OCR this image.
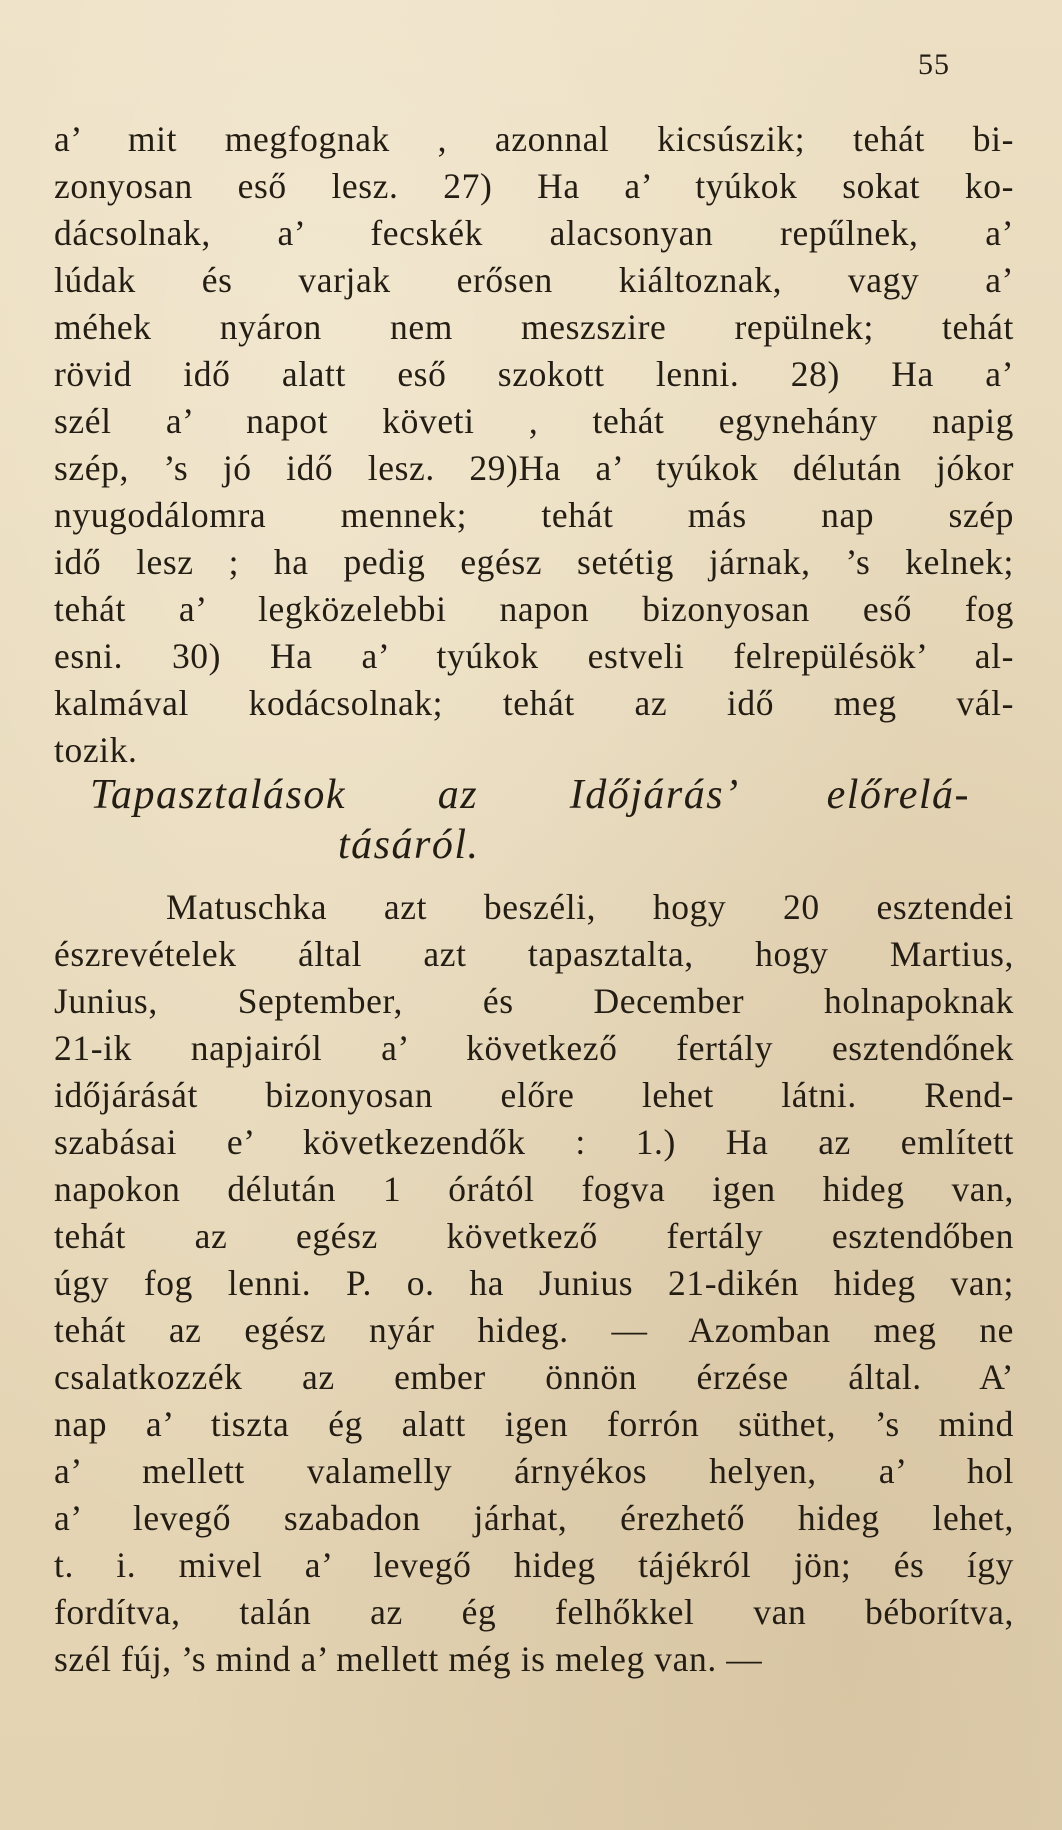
55
a’ mit megfognak , azonnal kicsúszik; tehát bi-
zonyosan eső lesz. 27) Ha a’ tyúkok sokat ko-
dácsolnak, a’ fecskék alacsonyan repűlnek, a’
lúdak és varjak erősen kiáltoznak, vagy a’
méhek nyáron nem meszszire repülnek; tehát
rövid idő alatt eső szokott lenni. 28) Ha a’
szél a’ napot követi , tehát egynehány napig
szép, ’s jó idő lesz. 29)Ha a’ tyúkok délután jókor
nyugodálomra mennek; tehát más nap szép
idő lesz ; ha pedig egész setétig járnak, ’s kelnek;
tehát a’ legközelebbi napon bizonyosan eső fog
esni. 30) Ha a’ tyúkok estveli felrepülésök’ al-
kalmával kodácsolnak; tehát az idő meg vál-
tozik.
Tapasztalások az Időjárás’ előrelá-
tásáról.
Matuschka azt beszéli, hogy 20 esztendei
észrevételek által azt tapasztalta, hogy Martius,
Junius, September, és December holnapoknak
21-ik napjairól a’ következő fertály esztendőnek
időjárását bizonyosan előre lehet látni. Rend-
szabásai e’ következendők : 1.) Ha az említett
napokon délután 1 órától fogva igen hideg van,
tehát az egész következő fertály esztendőben
úgy fog lenni. P. o. ha Junius 21-dikén hideg van;
tehát az egész nyár hideg. — Azomban meg ne
csalatkozzék az ember önnön érzése által. A’
nap a’ tiszta ég alatt igen forrón süthet, ’s mind
a’ mellett valamelly árnyékos helyen, a’ hol
a’ levegő szabadon járhat, érezhető hideg lehet,
t. i. mivel a’ levegő hideg tájékról jön; és így
fordítva, talán az ég felhőkkel van béborítva,
szél fúj, ’s mind a’ mellett még is meleg van. —
